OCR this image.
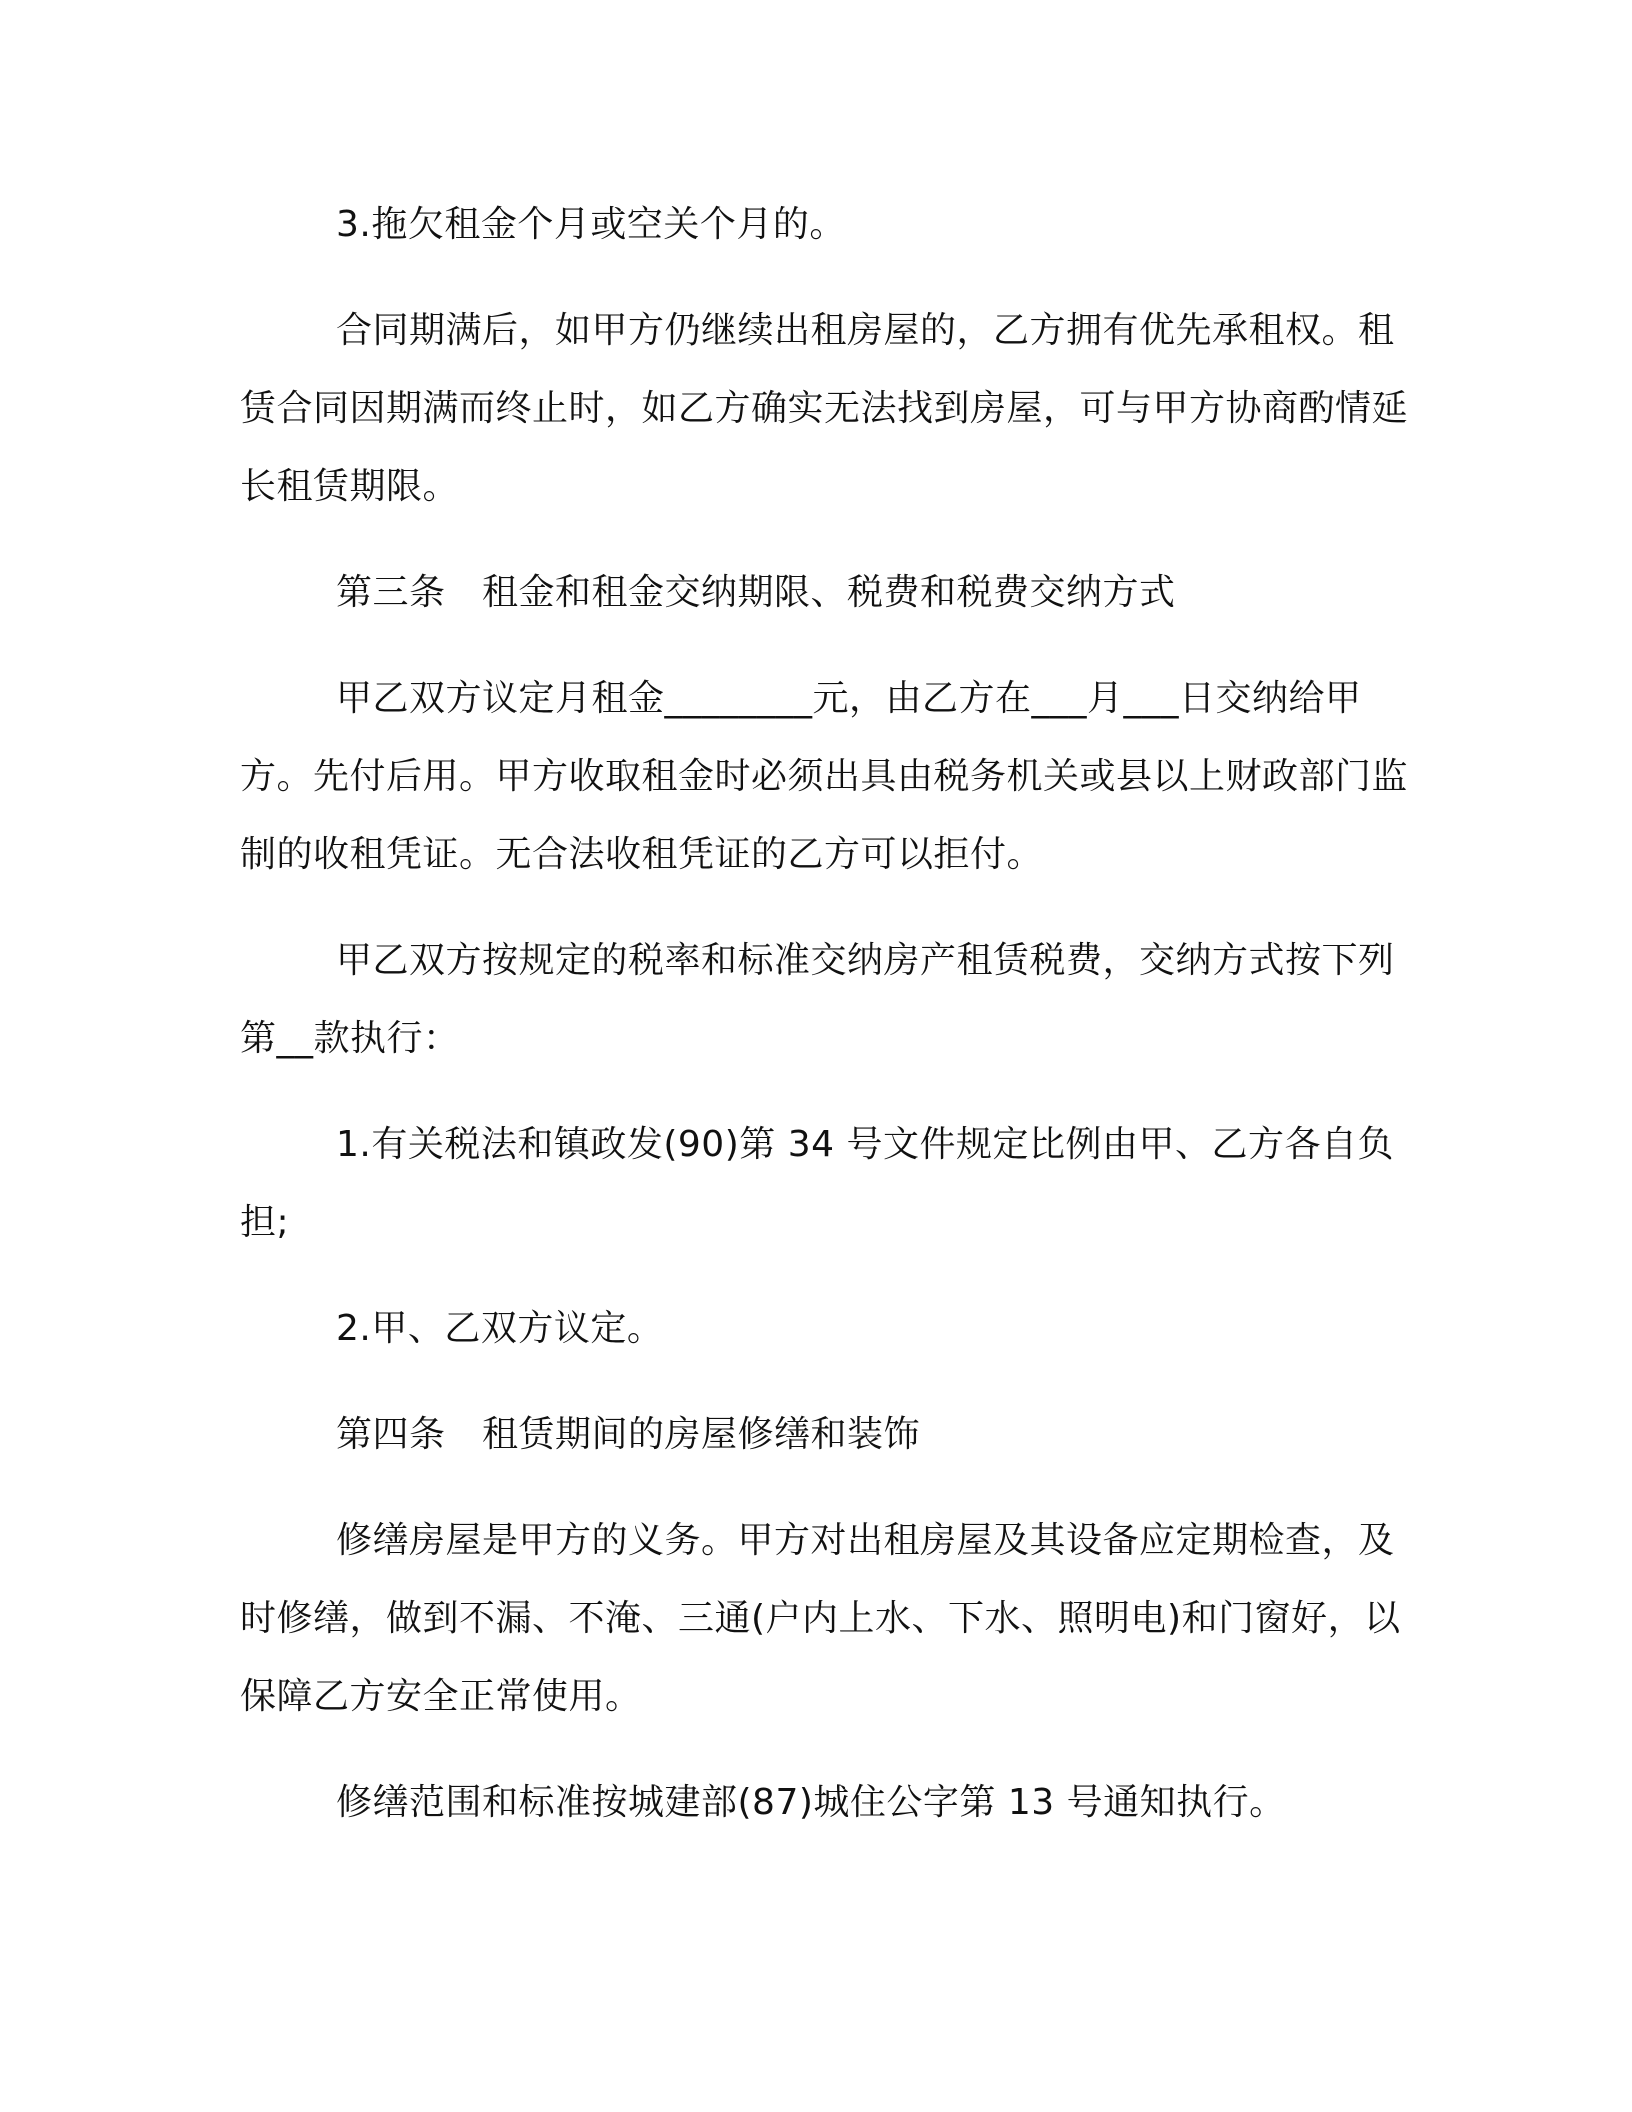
3.拖欠租金个月或空关个月的。

合同期满后，如甲方仍继续出租房屋的，乙方拥有优先承租权。租赁合同因期满而终止时，如乙方确实无法找到房屋，可与甲方协商酌情延长租赁期限。

第三条　租金和租金交纳期限、税费和税费交纳方式

甲乙双方议定月租金________元，由乙方在___月___日交纳给甲方。先付后用。甲方收取租金时必须出具由税务机关或县以上财政部门监制的收租凭证。无合法收租凭证的乙方可以拒付。

甲乙双方按规定的税率和标准交纳房产租赁税费，交纳方式按下列第__款执行：

1.有关税法和镇政发(90)第 34 号文件规定比例由甲、乙方各自负担;

2.甲、乙双方议定。

第四条　租赁期间的房屋修缮和装饰

修缮房屋是甲方的义务。甲方对出租房屋及其设备应定期检查，及时修缮，做到不漏、不淹、三通(户内上水、下水、照明电)和门窗好，以保障乙方安全正常使用。

修缮范围和标准按城建部(87)城住公字第 13 号通知执行。
